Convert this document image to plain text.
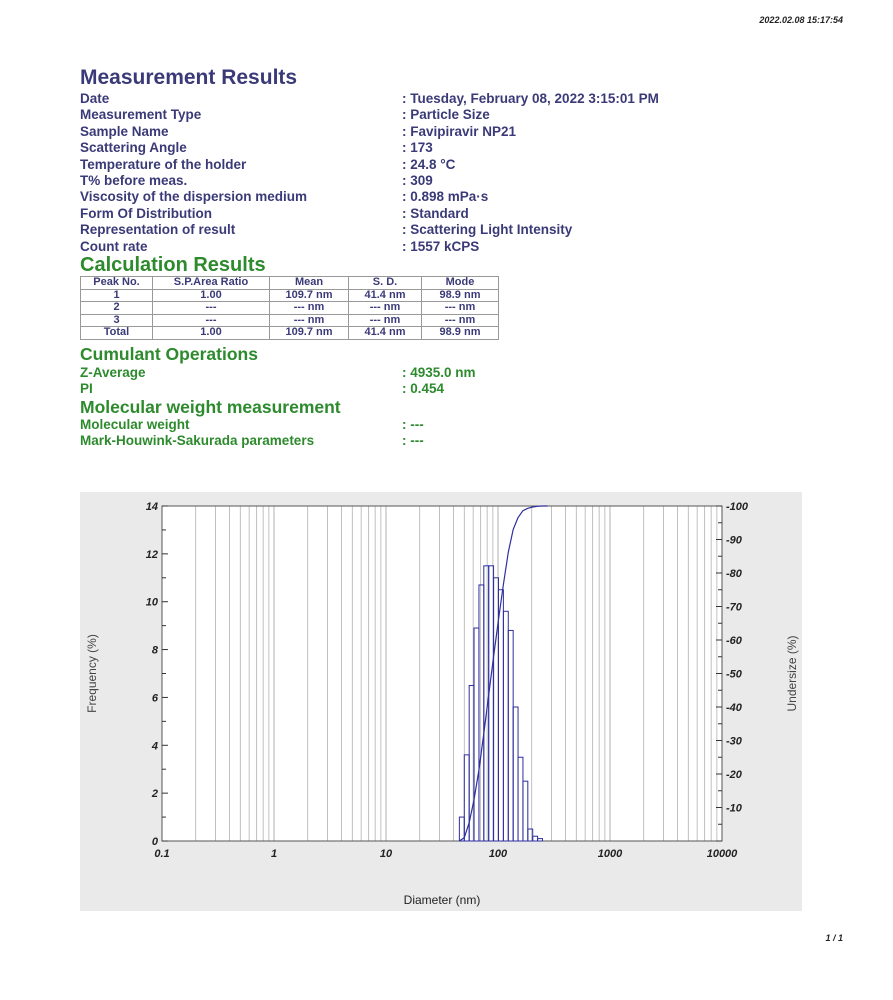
2022.02.08 15:17:54
Measurement Results
Date	: Tuesday, February 08, 2022 3:15:01 PM
Measurement Type	: Particle Size
Sample Name	: Favipiravir NP21
Scattering Angle	: 173
Temperature of the holder	: 24.8 °C
T% before meas.	: 309
Viscosity of the dispersion medium	: 0.898 mPa·s
Form Of Distribution	: Standard
Representation of result	: Scattering Light Intensity
Count rate	: 1557 kCPS
Calculation Results
Peak No.	S.P.Area Ratio	Mean	S. D.	Mode
1	1.00	109.7 nm	41.4 nm	98.9 nm
2	---	--- nm	--- nm	--- nm
3	---	--- nm	--- nm	--- nm
Total	1.00	109.7 nm	41.4 nm	98.9 nm
Cumulant Operations
Z-Average	: 4935.0 nm
PI	: 0.454
Molecular weight measurement
Molecular weight	: ---
Mark-Houwink-Sakurada parameters	: ---
0
2
4
6
8
10
12
14
-10
-20
-30
-40
-50
-60
-70
-80
-90
-100
0.1	1	10	100	1000	10000
Diameter (nm)
Frequency (%)	Undersize (%)
1 / 1
